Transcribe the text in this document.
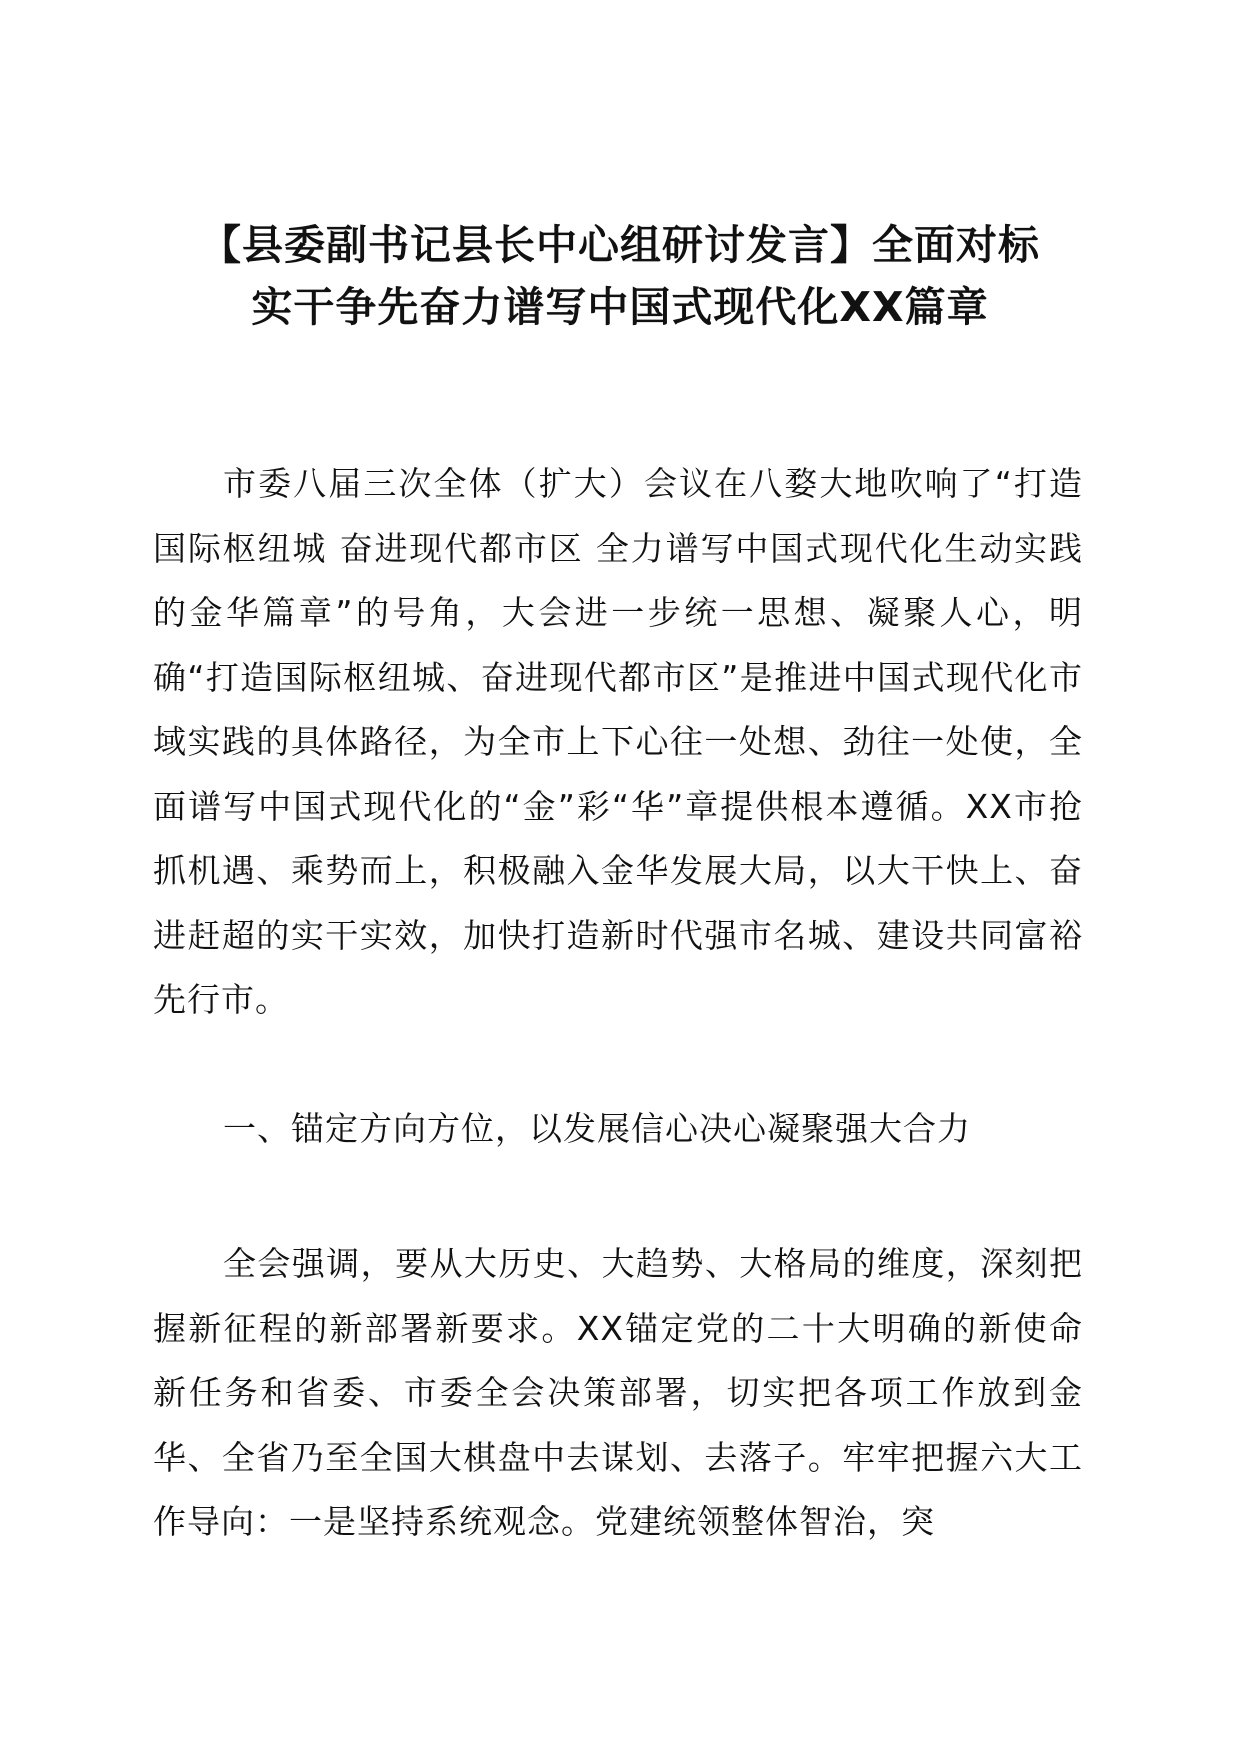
【县委副书记县长中心组研讨发言】全面对标
实干争先奋力谱写中国式现代化XX篇章

市委八届三次全体（扩大）会议在八婺大地吹响了“打造国际枢纽城 奋进现代都市区 全力谱写中国式现代化生动实践的金华篇章”的号角，大会进一步统一思想、凝聚人心，明确“打造国际枢纽城、奋进现代都市区”是推进中国式现代化市域实践的具体路径，为全市上下心往一处想、劲往一处使，全面谱写中国式现代化的“金”彩“华”章提供根本遵循。XX市抢抓机遇、乘势而上，积极融入金华发展大局，以大干快上、奋进赶超的实干实效，加快打造新时代强市名城、建设共同富裕先行市。

一、锚定方向方位，以发展信心决心凝聚强大合力

全会强调，要从大历史、大趋势、大格局的维度，深刻把握新征程的新部署新要求。XX锚定党的二十大明确的新使命新任务和省委、市委全会决策部署，切实把各项工作放到金华、全省乃至全国大棋盘中去谋划、去落子。牢牢把握六大工作导向：一是坚持系统观念。党建统领整体智治，突
